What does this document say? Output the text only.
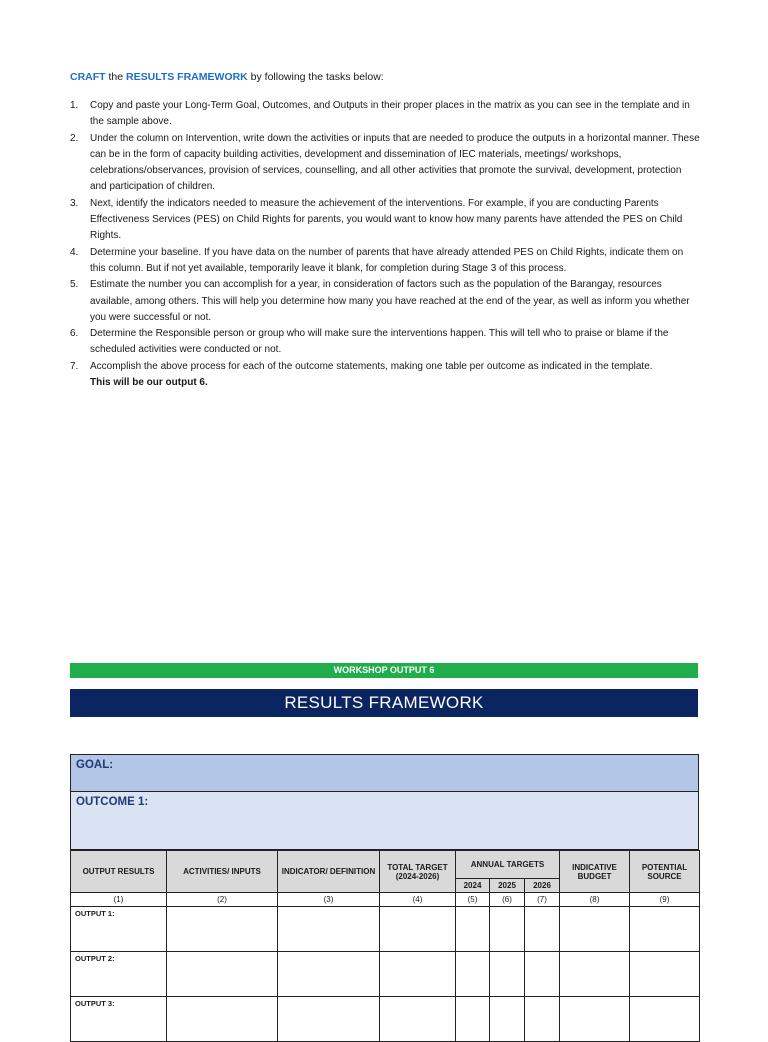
CRAFT the RESULTS FRAMEWORK by following the tasks below:
1.	Copy and paste your Long-Term Goal, Outcomes, and Outputs in their proper places in the matrix as you can see in the template and in the sample above.
2.	Under the column on Intervention, write down the activities or inputs that are needed to produce the outputs in a horizontal manner. These can be in the form of capacity building activities, development and dissemination of IEC materials, meetings/ workshops, celebrations/observances, provision of services, counselling, and all other activities that promote the survival, development, protection and participation of children.
3.	Next, identify the indicators needed to measure the achievement of the interventions. For example, if you are conducting Parents Effectiveness Services (PES) on Child Rights for parents, you would want to know how many parents have attended the PES on Child Rights.
4.	Determine your baseline. If you have data on the number of parents that have already attended PES on Child Rights, indicate them on this column. But if not yet available, temporarily leave it blank, for completion during Stage 3 of this process.
5.	Estimate the number you can accomplish for a year, in consideration of factors such as the population of the Barangay, resources available, among others. This will help you determine how many you have reached at the end of the year, as well as inform you whether you were successful or not.
6.	Determine the Responsible person or group who will make sure the interventions happen. This will tell who to praise or blame if the scheduled activities were conducted or not.
7.	Accomplish the above process for each of the outcome statements, making one table per outcome as indicated in the template.
This will be our output 6.
WORKSHOP OUTPUT 6
RESULTS FRAMEWORK
GOAL:
OUTCOME 1:
OUTPUT RESULTS	ACTIVITIES/ INPUTS	INDICATOR/ DEFINITION	TOTAL TARGET (2024-2026)	ANNUAL TARGETS			INDICATIVE BUDGET	POTENTIAL SOURCE
				2024	2025	2026		
(1)	(2)	(3)	(4)	(5)	(6)	(7)	(8)	(9)
OUTPUT 1:								
OUTPUT 2:								
OUTPUT 3:								
